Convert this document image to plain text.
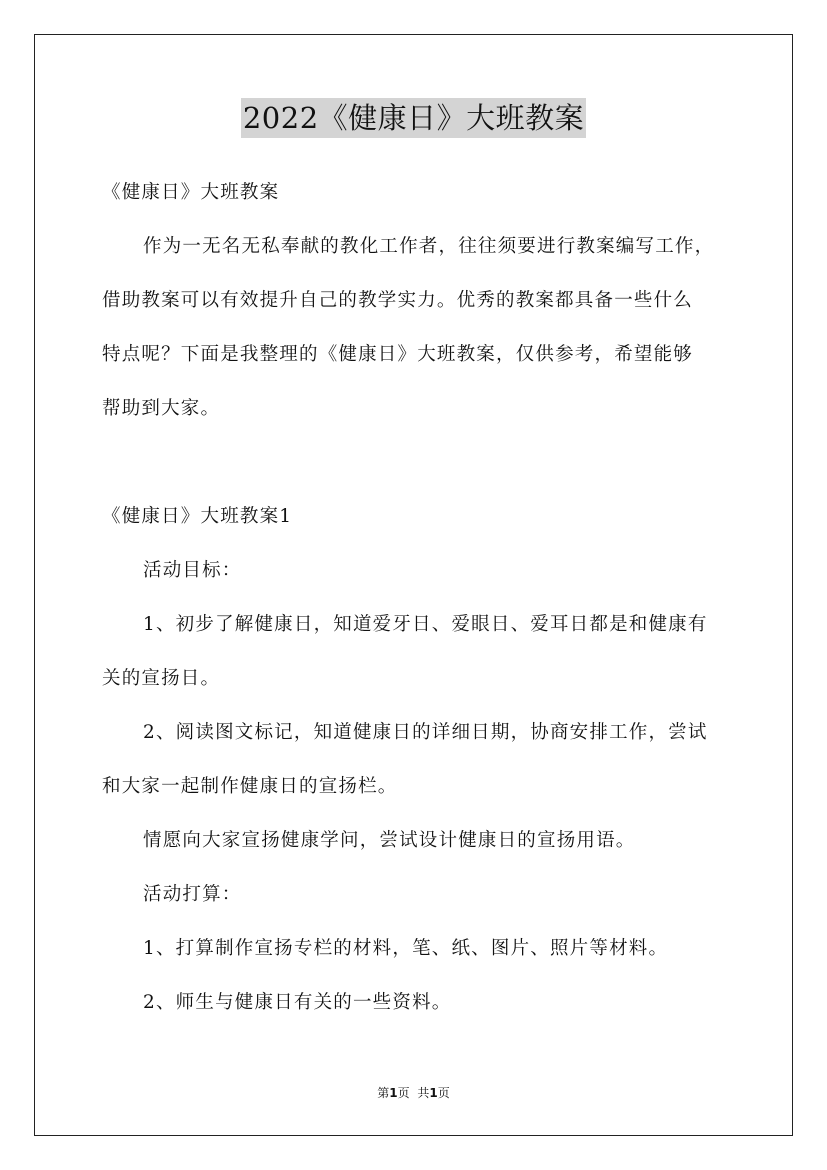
2022《健康日》大班教案

《健康日》大班教案

作为一无名无私奉献的教化工作者，往往须要进行教案编写工作，

借助教案可以有效提升自己的教学实力。优秀的教案都具备一些什么

特点呢？下面是我整理的《健康日》大班教案，仅供参考，希望能够

帮助到大家。

《健康日》大班教案1

活动目标：

1、初步了解健康日，知道爱牙日、爱眼日、爱耳日都是和健康有

关的宣扬日。

2、阅读图文标记，知道健康日的详细日期，协商安排工作，尝试

和大家一起制作健康日的宣扬栏。

情愿向大家宣扬健康学问，尝试设计健康日的宣扬用语。

活动打算：

1、打算制作宣扬专栏的材料，笔、纸、图片、照片等材料。

2、师生与健康日有关的一些资料。

第1页 共1页
